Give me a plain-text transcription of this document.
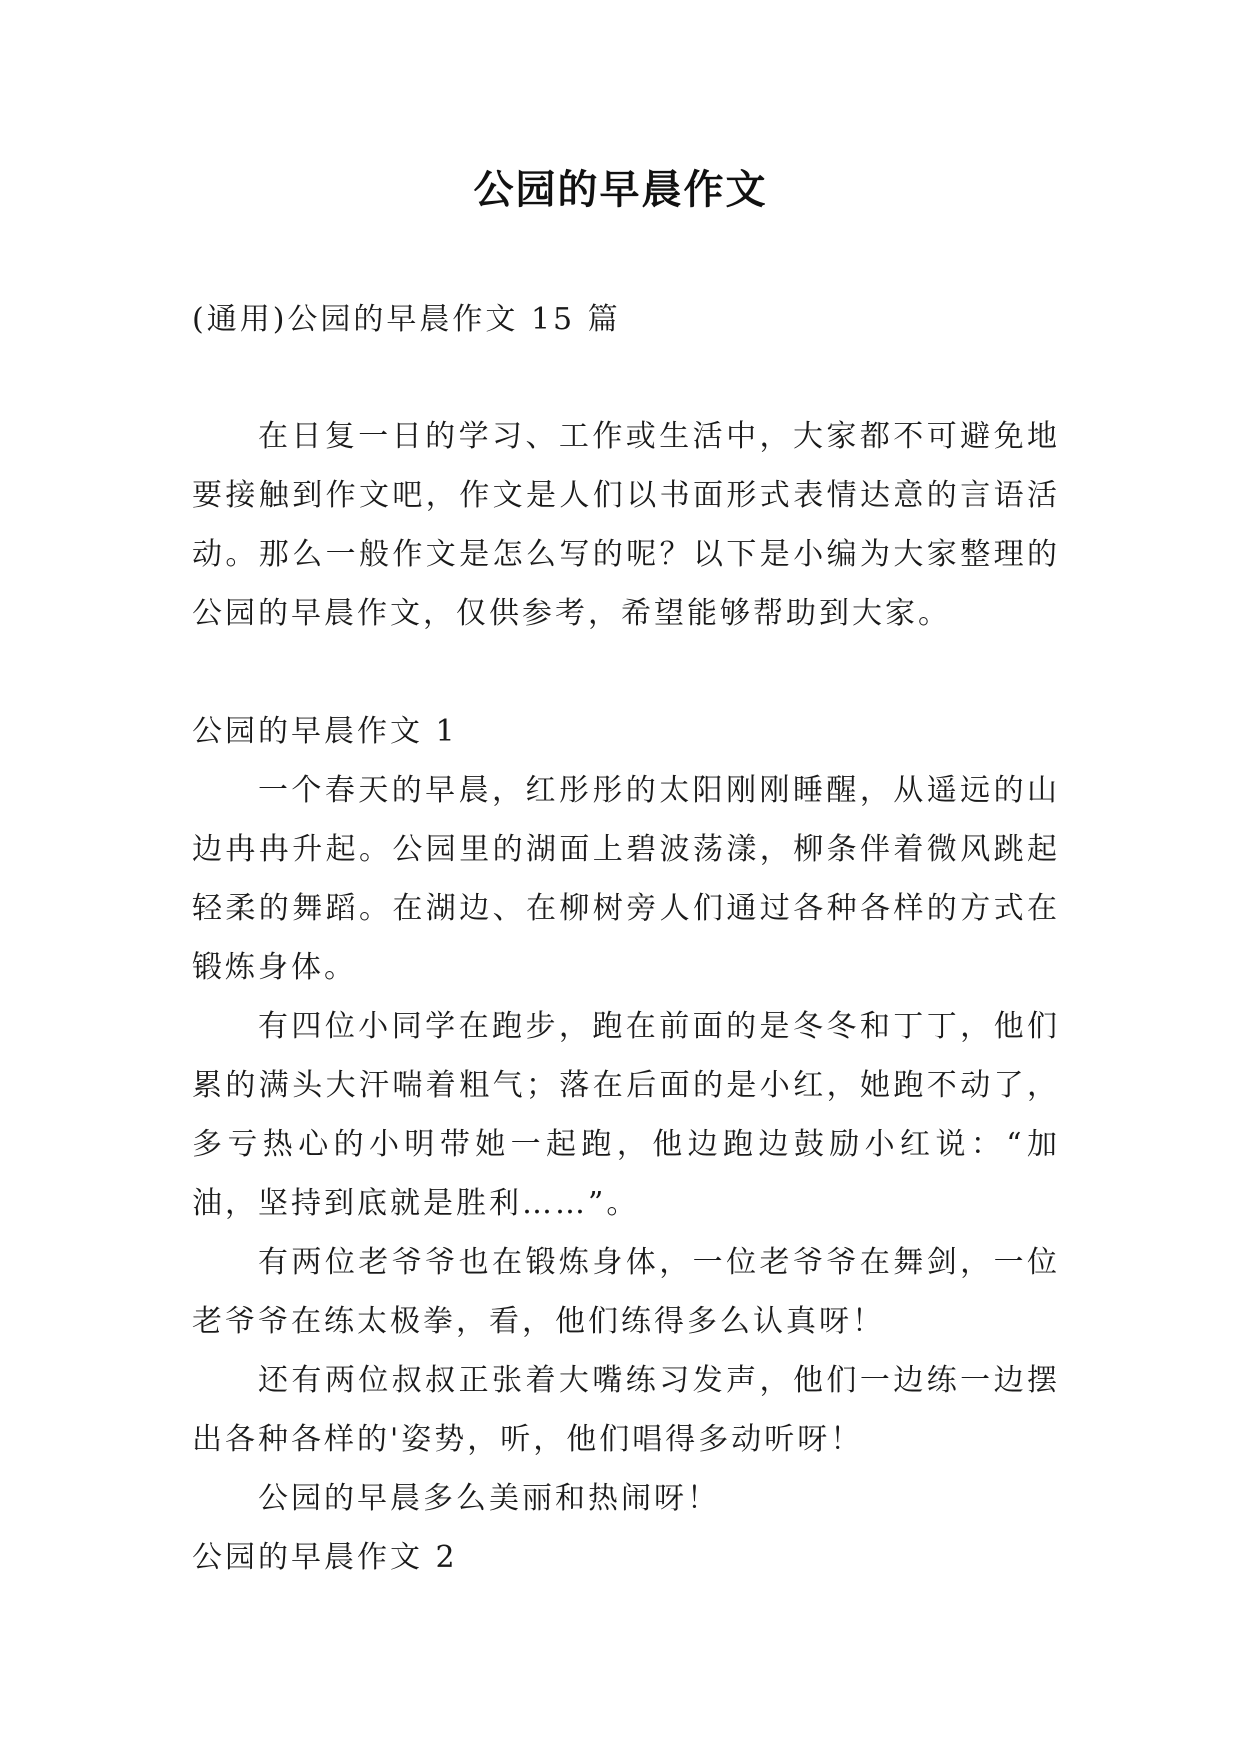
公园的早晨作文

(通用)公园的早晨作文 15 篇

在日复一日的学习、工作或生活中，大家都不可避免地要接触到作文吧，作文是人们以书面形式表情达意的言语活动。那么一般作文是怎么写的呢？以下是小编为大家整理的公园的早晨作文，仅供参考，希望能够帮助到大家。

公园的早晨作文 1

一个春天的早晨，红彤彤的太阳刚刚睡醒，从遥远的山边冉冉升起。公园里的湖面上碧波荡漾，柳条伴着微风跳起轻柔的舞蹈。在湖边、在柳树旁人们通过各种各样的方式在锻炼身体。

有四位小同学在跑步，跑在前面的是冬冬和丁丁，他们累的满头大汗喘着粗气；落在后面的是小红，她跑不动了，多亏热心的小明带她一起跑，他边跑边鼓励小红说：“加油，坚持到底就是胜利……”。

有两位老爷爷也在锻炼身体，一位老爷爷在舞剑，一位老爷爷在练太极拳，看，他们练得多么认真呀！

还有两位叔叔正张着大嘴练习发声，他们一边练一边摆出各种各样的'姿势，听，他们唱得多动听呀！

公园的早晨多么美丽和热闹呀！

公园的早晨作文 2
